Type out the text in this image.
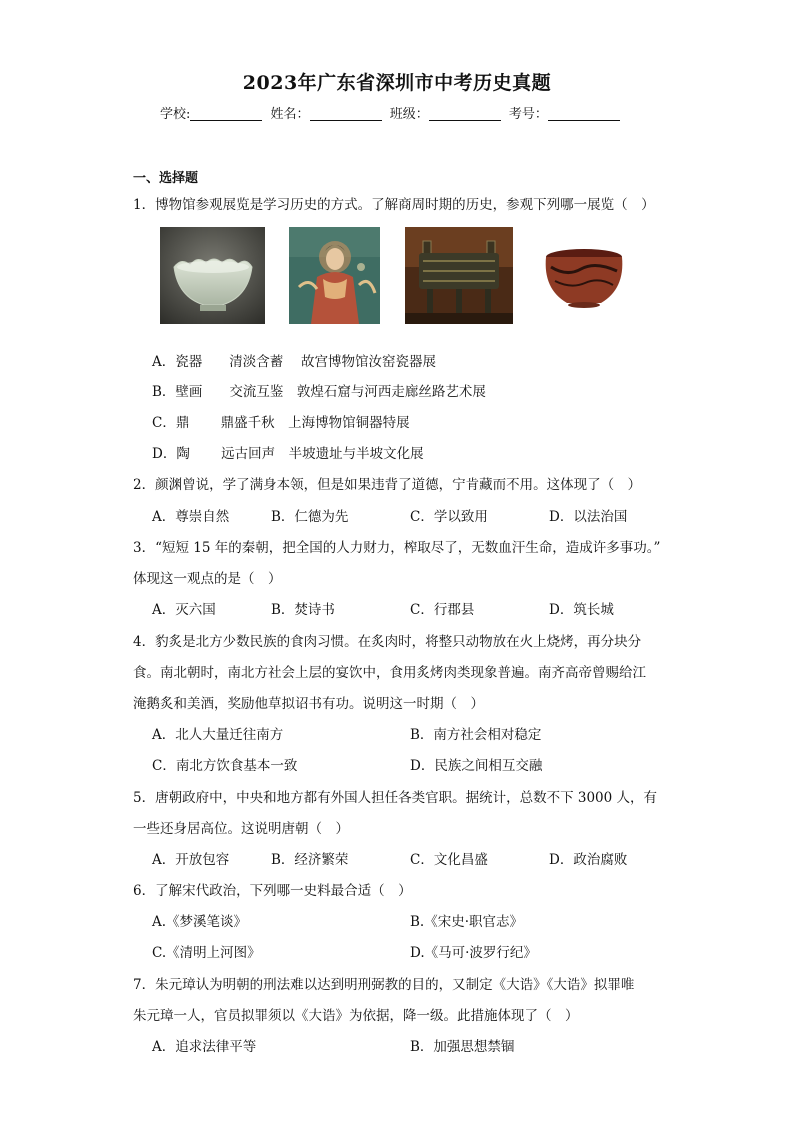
2023年广东省深圳市中考历史真题
学校:	姓名：	班级：	考号：
一、选择题
1．博物馆参观展览是学习历史的方式。了解商周时期的历史，参观下列哪一展览（　）
A．瓷器　　清淡含蓄　 故宫博物馆汝窑瓷器展
B．壁画　　交流互鉴　敦煌石窟与河西走廊丝路艺术展
C．鼎　　 鼎盛千秋　上海博物馆铜器特展
D．陶　　 远古回声　半坡遗址与半坡文化展
2．颜渊曾说，学了满身本领，但是如果违背了道德，宁肯藏而不用。这体现了（　）
A．尊崇自然	B．仁德为先	C．学以致用	D．以法治国
3．“短短 15 年的秦朝，把全国的人力财力，榨取尽了，无数血汗生命，造成许多事功。”
体现这一观点的是（　）
A．灭六国	B．焚诗书	C．行郡县	D．筑长城
4．豹炙是北方少数民族的食肉习惯。在炙肉时，将整只动物放在火上烧烤，再分块分
食。南北朝时，南北方社会上层的宴饮中，食用炙烤肉类现象普遍。南齐高帝曾赐给江
淹鹅炙和美酒，奖励他草拟诏书有功。说明这一时期（　）
A．北人大量迁往南方	B．南方社会相对稳定
C．南北方饮食基本一致	D．民族之间相互交融
5．唐朝政府中，中央和地方都有外国人担任各类官职。据统计，总数不下 3000 人，有
一些还身居高位。这说明唐朝（　）
A．开放包容	B．经济繁荣	C．文化昌盛	D．政治腐败
6．了解宋代政治，下列哪一史料最合适（　）
A.《梦溪笔谈》	B.《宋史·职官志》
C.《清明上河图》	D.《马可·波罗行纪》
7．朱元璋认为明朝的刑法难以达到明刑弼教的目的，又制定《大诰》《大诰》拟罪唯
朱元璋一人，官员拟罪须以《大诰》为依据，降一级。此措施体现了（　）
A．追求法律平等	B．加强思想禁锢
